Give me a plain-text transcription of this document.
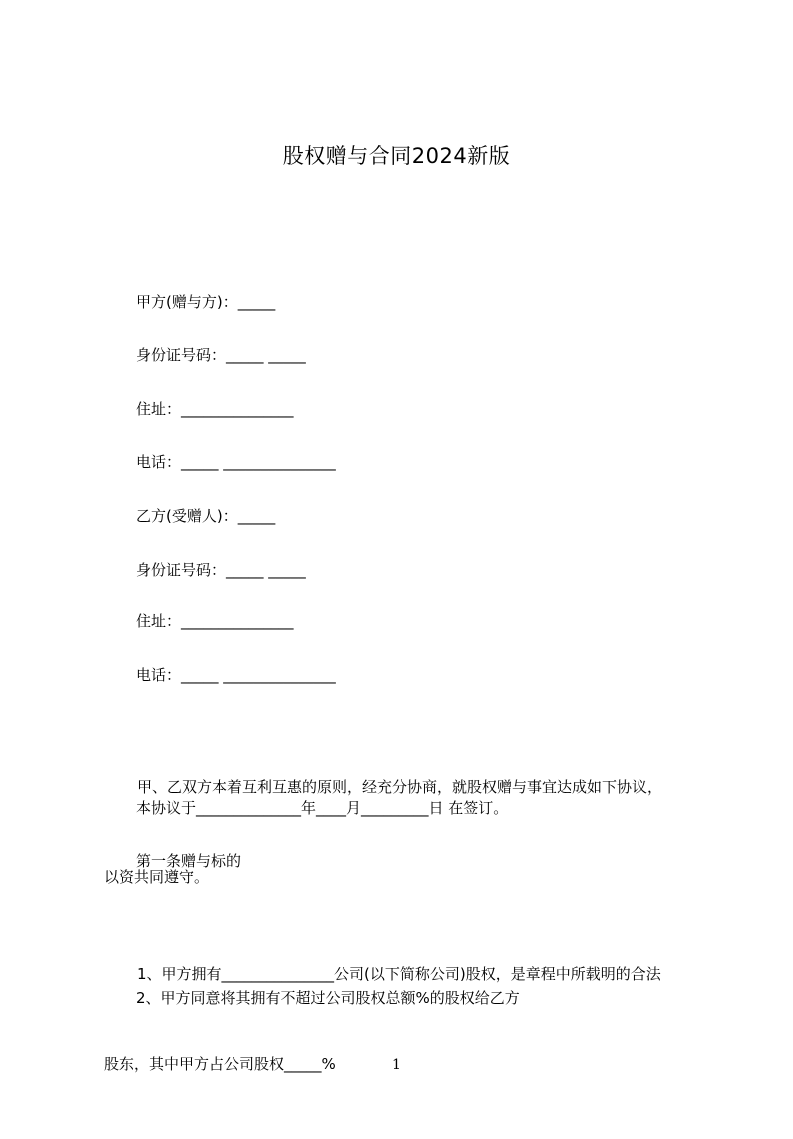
股权赠与合同2024新版
甲方(赠与方)：_____
身份证号码：_____ _____
住址：_______________
电话：_____ _______________
乙方(受赠人)：_____
身份证号码：_____ _____
住址：_______________
电话：_____ _______________

甲、乙双方本着互利互惠的原则，经充分协商，就股权赠与事宜达成如下协议，

以资共同遵守。

本协议于______________年____月_________日 在签订。
第一条赠与标的

1、甲方拥有_______________公司(以下简称公司)股权，是章程中所载明的合法

股东，其中甲方占公司股权_____%

2、甲方同意将其拥有不超过公司股权总额%的股权给乙方
1
